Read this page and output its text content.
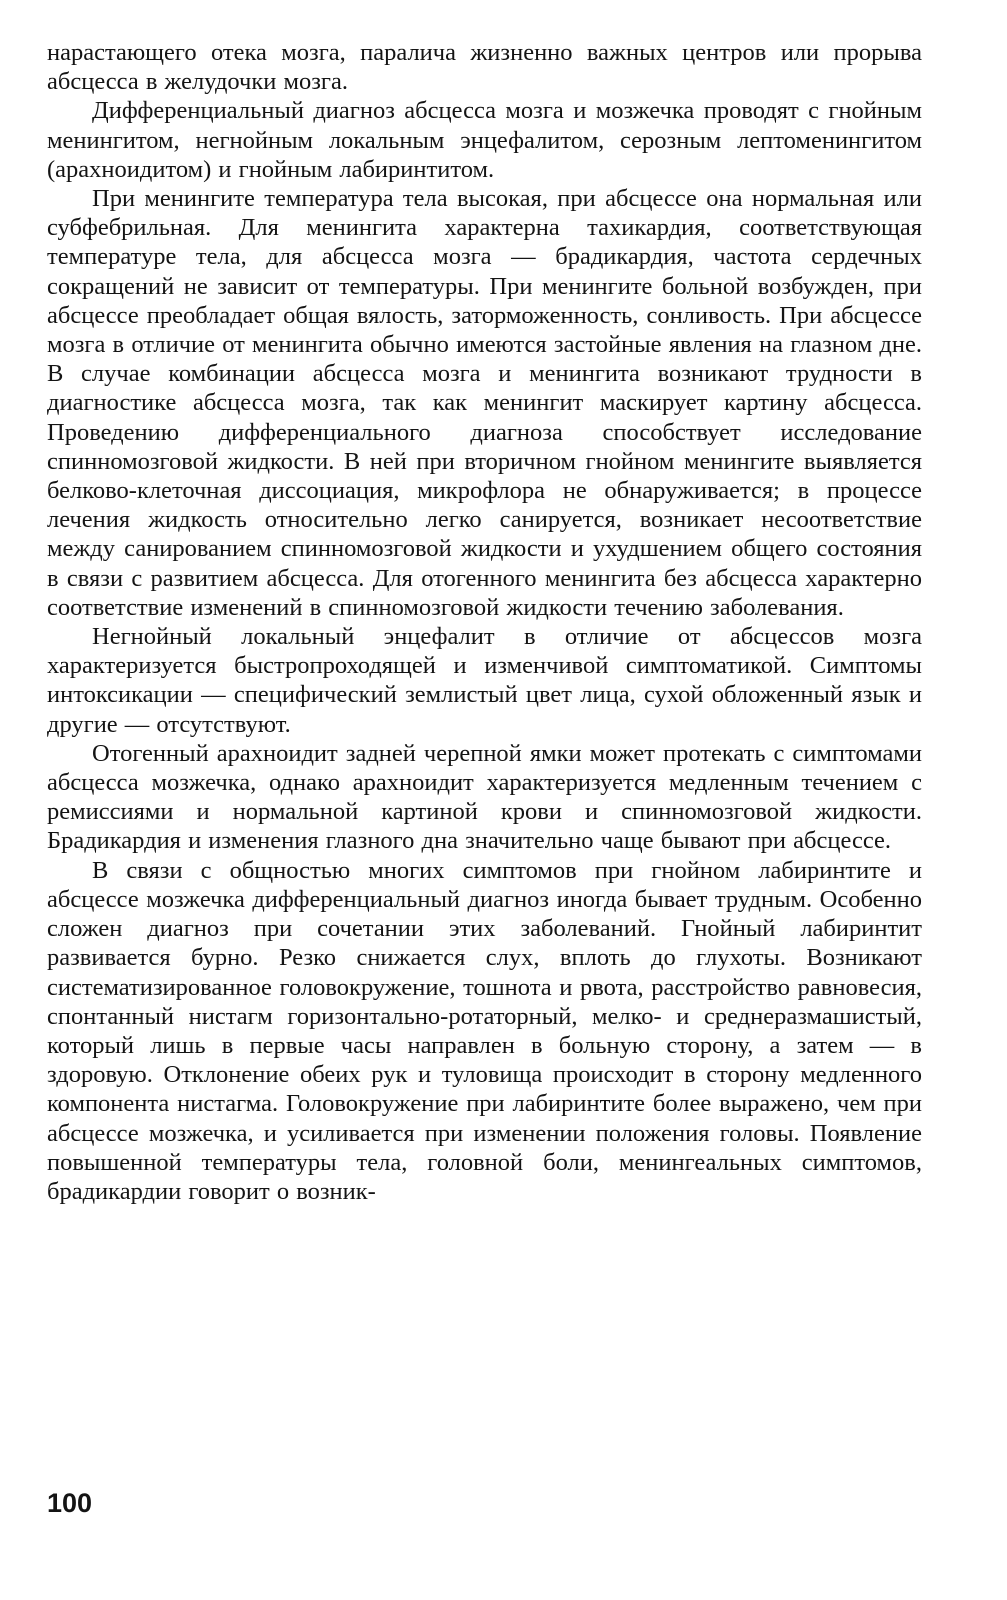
нарастающего отека мозга, паралича жизненно важных центров или прорыва абсцесса в желудочки мозга.

Дифференциальный диагноз абсцесса мозга и мозжечка проводят с гнойным менингитом, негнойным локальным энцефалитом, серозным лептоменингитом (арахноидитом) и гнойным лабиринтитом.

При менингите температура тела высокая, при абсцессе она нормальная или субфебрильная. Для менингита характерна тахикардия, соответствующая температуре тела, для абсцесса мозга — брадикардия, частота сердечных сокращений не зависит от температуры. При менингите больной возбужден, при абсцессе преобладает общая вялость, заторможенность, сонливость. При абсцессе мозга в отличие от менингита обычно имеются застойные явления на глазном дне. В случае комбинации абсцесса мозга и менингита возникают трудности в диагностике абсцесса мозга, так как менингит маскирует картину абсцесса. Проведению дифференциального диагноза способствует исследование спинномозговой жидкости. В ней при вторичном гнойном менингите выявляется белково-клеточная диссоциация, микрофлора не обнаруживается; в процессе лечения жидкость относительно легко санируется, возникает несоответствие между санированием спинномозговой жидкости и ухудшением общего состояния в связи с развитием абсцесса. Для отогенного менингита без абсцесса характерно соответствие изменений в спинномозговой жидкости течению заболевания.

Негнойный локальный энцефалит в отличие от абсцессов мозга характеризуется быстропроходящей и изменчивой симптоматикой. Симптомы интоксикации — специфический землистый цвет лица, сухой обложенный язык и другие — отсутствуют.

Отогенный арахноидит задней черепной ямки может протекать с симптомами абсцесса мозжечка, однако арахноидит характеризуется медленным течением с ремиссиями и нормальной картиной крови и спинномозговой жидкости. Брадикардия и изменения глазного дна значительно чаще бывают при абсцессе.

В связи с общностью многих симптомов при гнойном лабиринтите и абсцессе мозжечка дифференциальный диагноз иногда бывает трудным. Особенно сложен диагноз при сочетании этих заболеваний. Гнойный лабиринтит развивается бурно. Резко снижается слух, вплоть до глухоты. Возникают систематизированное головокружение, тошнота и рвота, расстройство равновесия, спонтанный нистагм горизонтально-ротаторный, мелко- и среднеразмашистый, который лишь в первые часы направлен в больную сторону, а затем — в здоровую. Отклонение обеих рук и туловища происходит в сторону медленного компонента нистагма. Головокружение при лабиринтите более выражено, чем при абсцессе мозжечка, и усиливается при изменении положения головы. Появление повышенной температуры тела, головной боли, менингеальных симптомов, брадикардии говорит о возник-

100
